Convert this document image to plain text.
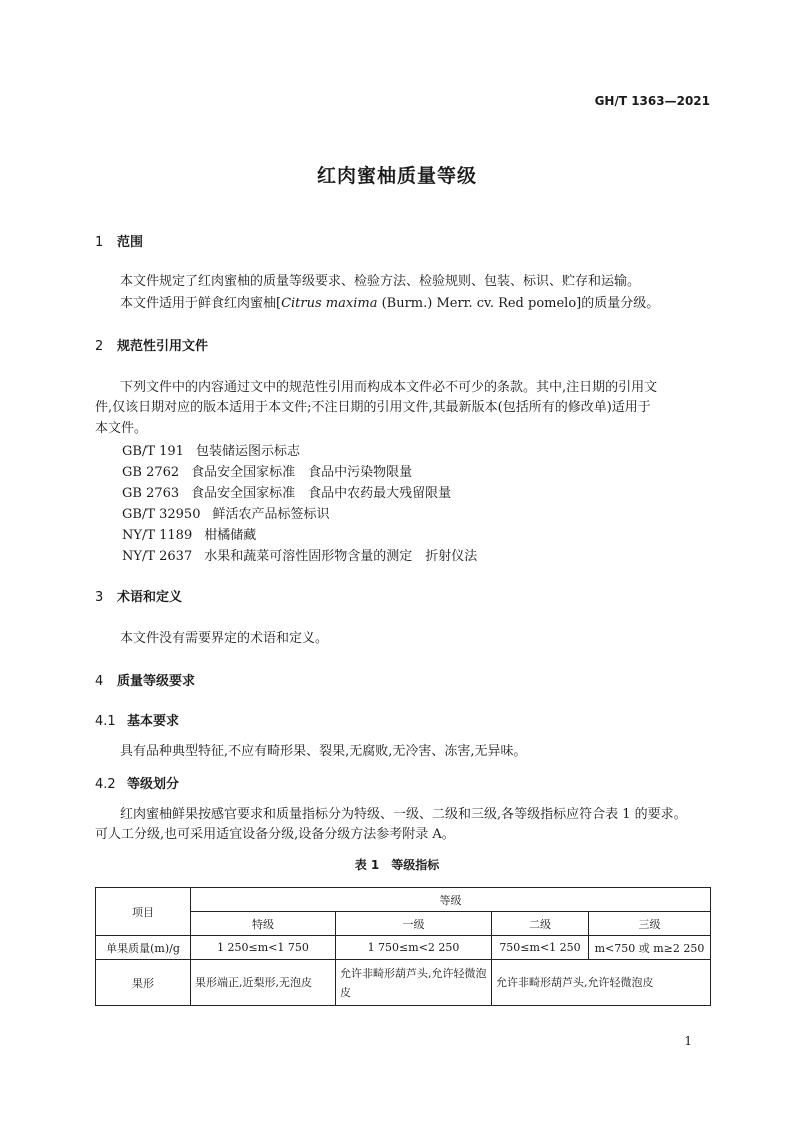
GH/T 1363—2021
红肉蜜柚质量等级
1 范围
本文件规定了红肉蜜柚的质量等级要求、检验方法、检验规则、包装、标识、贮存和运输。
本文件适用于鲜食红肉蜜柚[Citrus maxima (Burm.) Merr. cv. Red pomelo]的质量分级。
2 规范性引用文件
下列文件中的内容通过文中的规范性引用而构成本文件必不可少的条款。其中,注日期的引用文
件,仅该日期对应的版本适用于本文件;不注日期的引用文件,其最新版本(包括所有的修改单)适用于
本文件。
GB/T 191 包装储运图示标志
GB 2762 食品安全国家标准　食品中污染物限量
GB 2763 食品安全国家标准　食品中农药最大残留限量
GB/T 32950 鲜活农产品标签标识
NY/T 1189 柑橘储藏
NY/T 2637 水果和蔬菜可溶性固形物含量的测定　折射仪法
3 术语和定义
本文件没有需要界定的术语和定义。
4 质量等级要求
4.1 基本要求
具有品种典型特征,不应有畸形果、裂果,无腐败,无冷害、冻害,无异味。
4.2 等级划分
红肉蜜柚鲜果按感官要求和质量指标分为特级、一级、二级和三级,各等级指标应符合表 1 的要求。
可人工分级,也可采用适宜设备分级,设备分级方法参考附录 A。
表 1　等级指标
项目	等级			
	特级	一级	二级	三级
单果质量(m)/g	1 250≤m<1 750	1 750≤m<2 250	750≤m<1 250	m<750 或 m≥2 250
果形	果形端正,近梨形,无泡皮	允许非畸形葫芦头,允许轻微泡皮	允许非畸形葫芦头,允许轻微泡皮	
1
